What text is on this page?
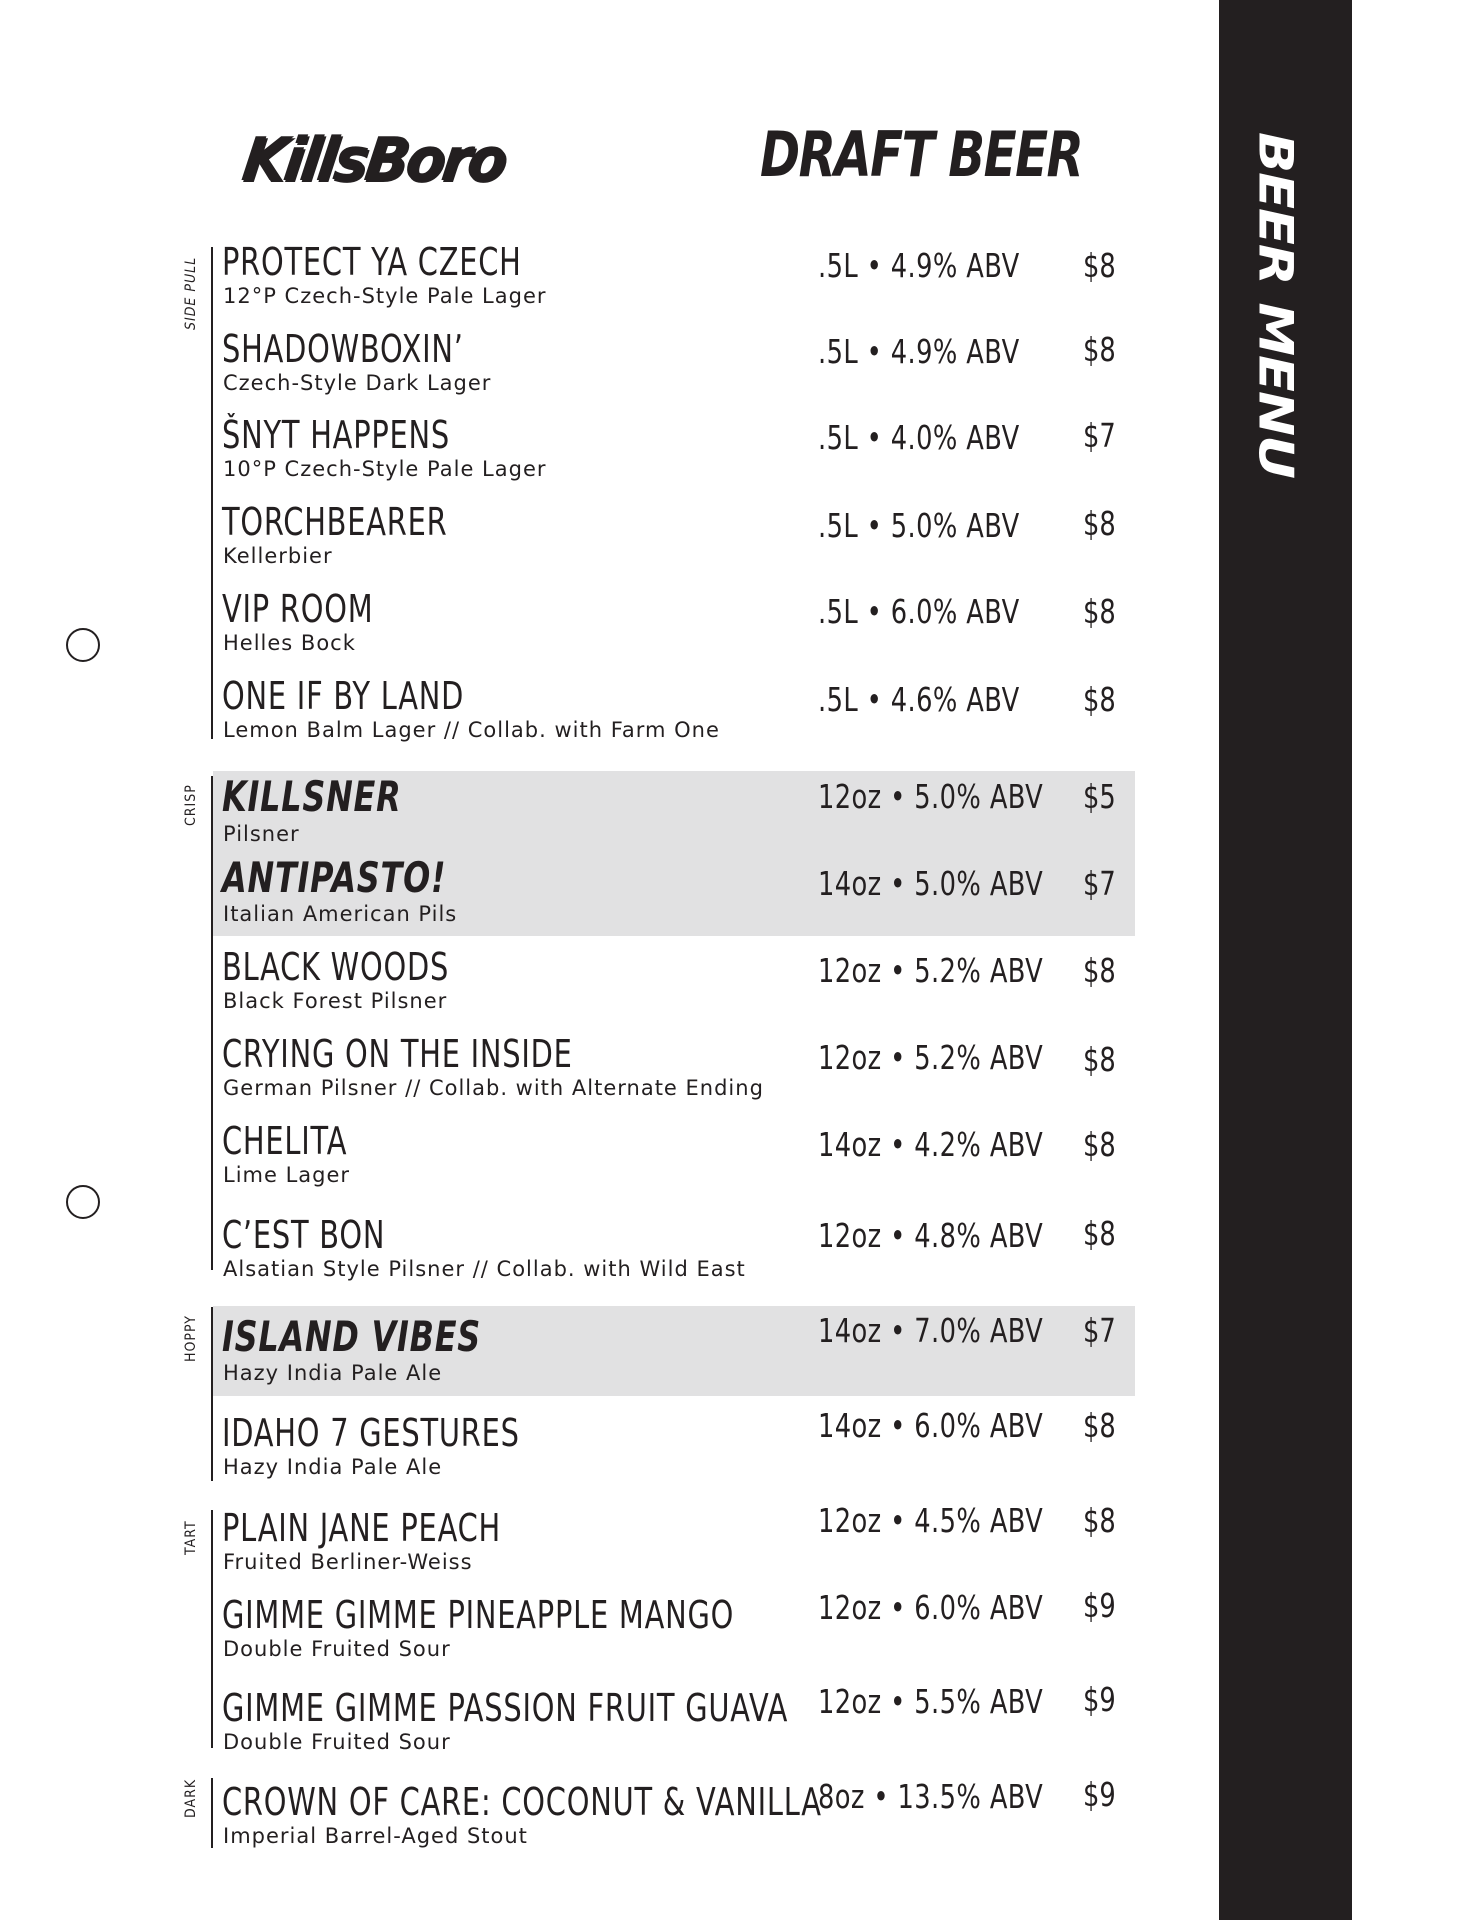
BEER MENU
KillsBoro	DRAFT BEER
SIDE PULL
CRISP
HOPPY
TART
DARK
PROTECT YA CZECH
12°P Czech-Style Pale Lager
.5L • 4.9% ABV $8
SHADOWBOXIN’
Czech-Style Dark Lager
.5L • 4.9% ABV $8
ŠNYT HAPPENS
10°P Czech-Style Pale Lager
.5L • 4.0% ABV $7
TORCHBEARER
Kellerbier
.5L • 5.0% ABV $8
VIP ROOM
Helles Bock
.5L • 6.0% ABV $8
ONE IF BY LAND
Lemon Balm Lager // Collab. with Farm One
.5L • 4.6% ABV $8
KILLSNER
Pilsner
12oz • 5.0% ABV $5
ANTIPASTO!
Italian American Pils
14oz • 5.0% ABV $7
BLACK WOODS
Black Forest Pilsner
12oz • 5.2% ABV $8
CRYING ON THE INSIDE
German Pilsner // Collab. with Alternate Ending
12oz • 5.2% ABV $8
CHELITA
Lime Lager
14oz • 4.2% ABV $8
C’EST BON
Alsatian Style Pilsner // Collab. with Wild East
12oz • 4.8% ABV $8
ISLAND VIBES
Hazy India Pale Ale
14oz • 7.0% ABV $7
IDAHO 7 GESTURES
Hazy India Pale Ale
14oz • 6.0% ABV $8
PLAIN JANE PEACH
Fruited Berliner-Weiss
12oz • 4.5% ABV $8
GIMME GIMME PINEAPPLE MANGO
Double Fruited Sour
12oz • 6.0% ABV $9
GIMME GIMME PASSION FRUIT GUAVA
Double Fruited Sour
12oz • 5.5% ABV $9
CROWN OF CARE: COCONUT & VANILLA
Imperial Barrel-Aged Stout
8oz • 13.5% ABV $9
